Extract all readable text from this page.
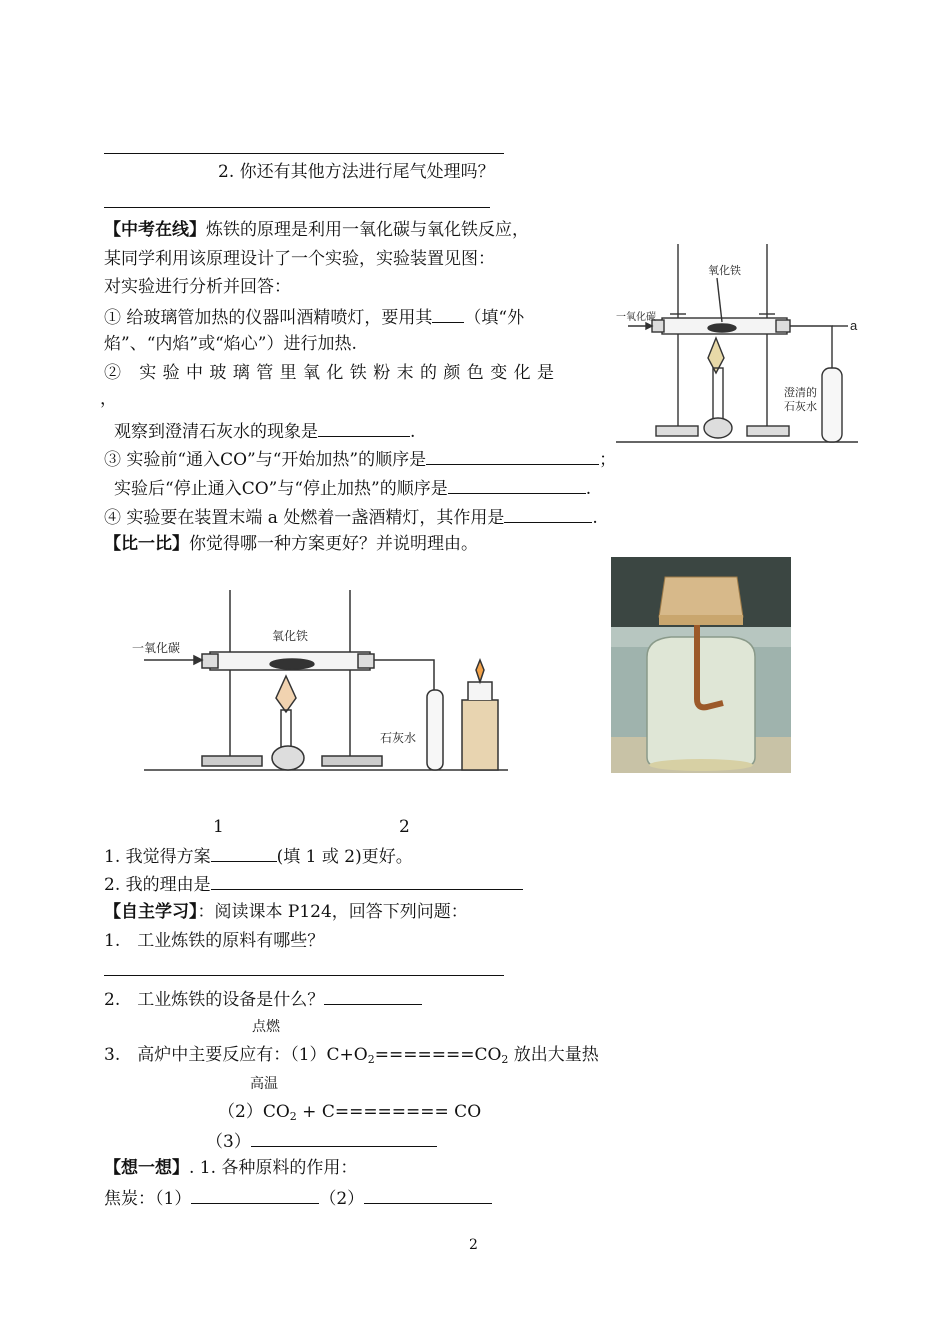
2. 你还有其他方法进行尾气处理吗？
【中考在线】炼铁的原理是利用一氧化碳与氧化铁反应，
某同学利用该原理设计了一个实验，实验装置见图：
对实验进行分析并回答：
① 给玻璃管加热的仪器叫酒精喷灯，要用其 （填“外
焰”、“内焰”或“焰心”）进行加热.
② 实验中玻璃管里氧化铁粉末的颜色变化是
，
观察到澄清石灰水的现象是	.
③ 实验前“通入CO”与“开始加热”的顺序是	；
实验后“停止通入CO”与“停止加热”的顺序是	.
④ 实验要在装置末端 a 处燃着一盏酒精灯，其作用是	.
一氧化碳
氧化铁
a
澄清的
石灰水
【比一比】你觉得哪一种方案更好？并说明理由。
一氧化碳
氧化铁
石灰水
1	2
1. 我觉得方案	(填 1 或 2)更好。
2. 我的理由是
【自主学习】：阅读课本 P124，回答下列问题：
1. 工业炼铁的原料有哪些？
2. 工业炼铁的设备是什么？
点燃
3. 高炉中主要反应有：$(1)C+O_2=======CO_2$ 放出大量热
高温
$(2)CO_2 + C========$ CO
（3）
【想一想】. 1. 各种原料的作用：
焦炭：（1）	（2）
2
